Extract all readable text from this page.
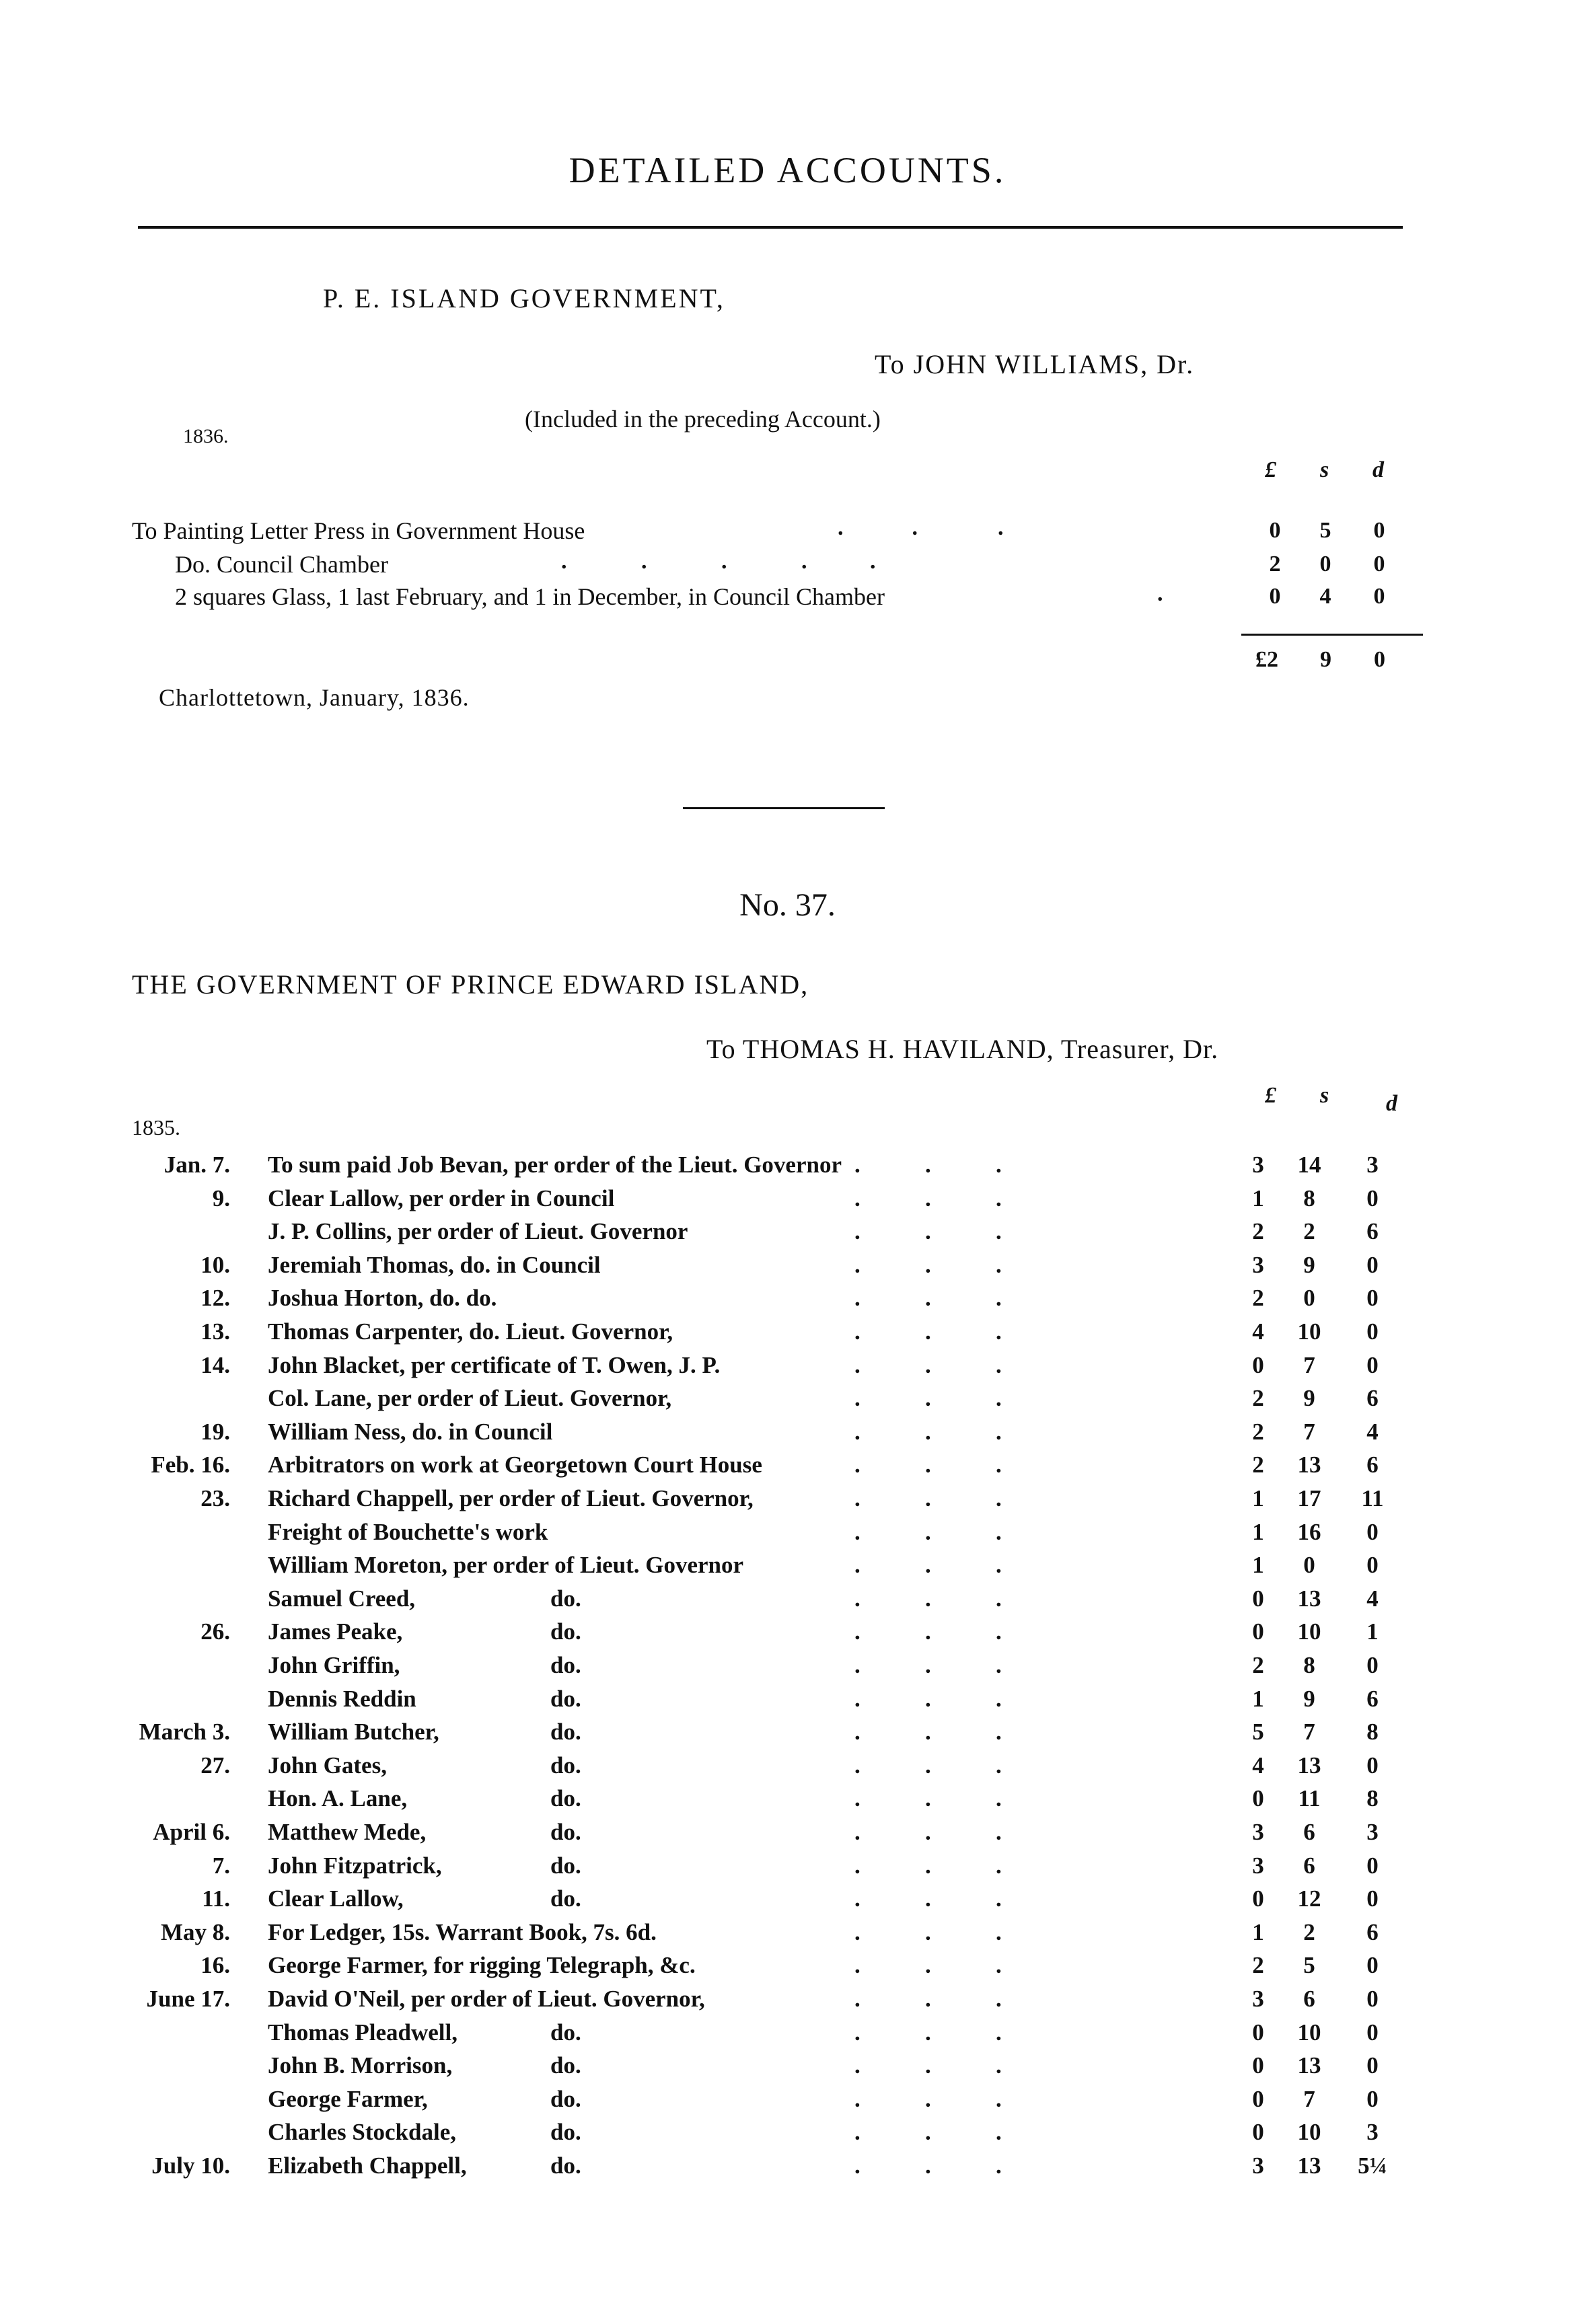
DETAILED ACCOUNTS.
P. E. ISLAND GOVERNMENT,
To JOHN WILLIAMS, Dr.
(Included in the preceding Account.)
1836.
£ s d
To Painting Letter Press in Government House	.            .              .	0	5	0
Do. Council Chamber	.             .             .             .           .	2	0	0
2 squares Glass, 1 last February, and 1 in December, in Council Chamber	.	0	4	0
£2 9 0
Charlottetown, January, 1836.
No. 37.
THE GOVERNMENT OF PRINCE EDWARD ISLAND,
To THOMAS H. HAVILAND, Treasurer, Dr.
£ s d
1835.
Jan. 7. To sum paid Job Bevan, per order of the Lieut. Governor .           .           .	3	14	3
9. Clear Lallow, per order in Council	.           .           .	1	8	0
J. P. Collins, per order of Lieut. Governor	.           .           .	2	2	6
10. Jeremiah Thomas, do. in Council	.           .           .	3	9	0
12. Joshua Horton, do. do.	.           .           .	2	0	0
13. Thomas Carpenter, do. Lieut. Governor,	.           .           .	4	10	0
14. John Blacket, per certificate of T. Owen, J. P.	.           .           .	0	7	0
Col. Lane, per order of Lieut. Governor,	.           .           .	2	9	6
19. William Ness, do. in Council	.           .           .	2	7	4
Feb. 16. Arbitrators on work at Georgetown Court House	.           .           .	2	13	6
23. Richard Chappell, per order of Lieut. Governor,	.           .           .	1	17	11
Freight of Bouchette's work	.           .           .	1	16	0
William Moreton, per order of Lieut. Governor	.           .           .	1	0	0
Samuel Creed,	do.	.           .           .	0	13	4
26. James Peake,	do.	.           .           .	0	10	1
John Griffin,	do.	.           .           .	2	8	0
Dennis Reddin	do.	.           .           .	1	9	6
March 3. William Butcher,	do.	.           .           .	5	7	8
27. John Gates,	do.	.           .           .	4	13	0
Hon. A. Lane,	do.	.           .           .	0	11	8
April 6. Matthew Mede,	do.	.           .           .	3	6	3
7. John Fitzpatrick,	do.	.           .           .	3	6	0
11. Clear Lallow,	do.	.           .           .	0	12	0
May 8. For Ledger, 15s. Warrant Book, 7s. 6d.	.           .           .	1	2	6
16. George Farmer, for rigging Telegraph, &c.	.           .           .	2	5	0
June 17. David O'Neil, per order of Lieut. Governor,	.           .           .	3	6	0
Thomas Pleadwell,	do.	.           .           .	0	10	0
John B. Morrison,	do.	.           .           .	0	13	0
George Farmer,	do.	.           .           .	0	7	0
Charles Stockdale,	do.	.           .           .	0	10	3
July 10. Elizabeth Chappell,	do.	.           .           .	3	13	5¼
